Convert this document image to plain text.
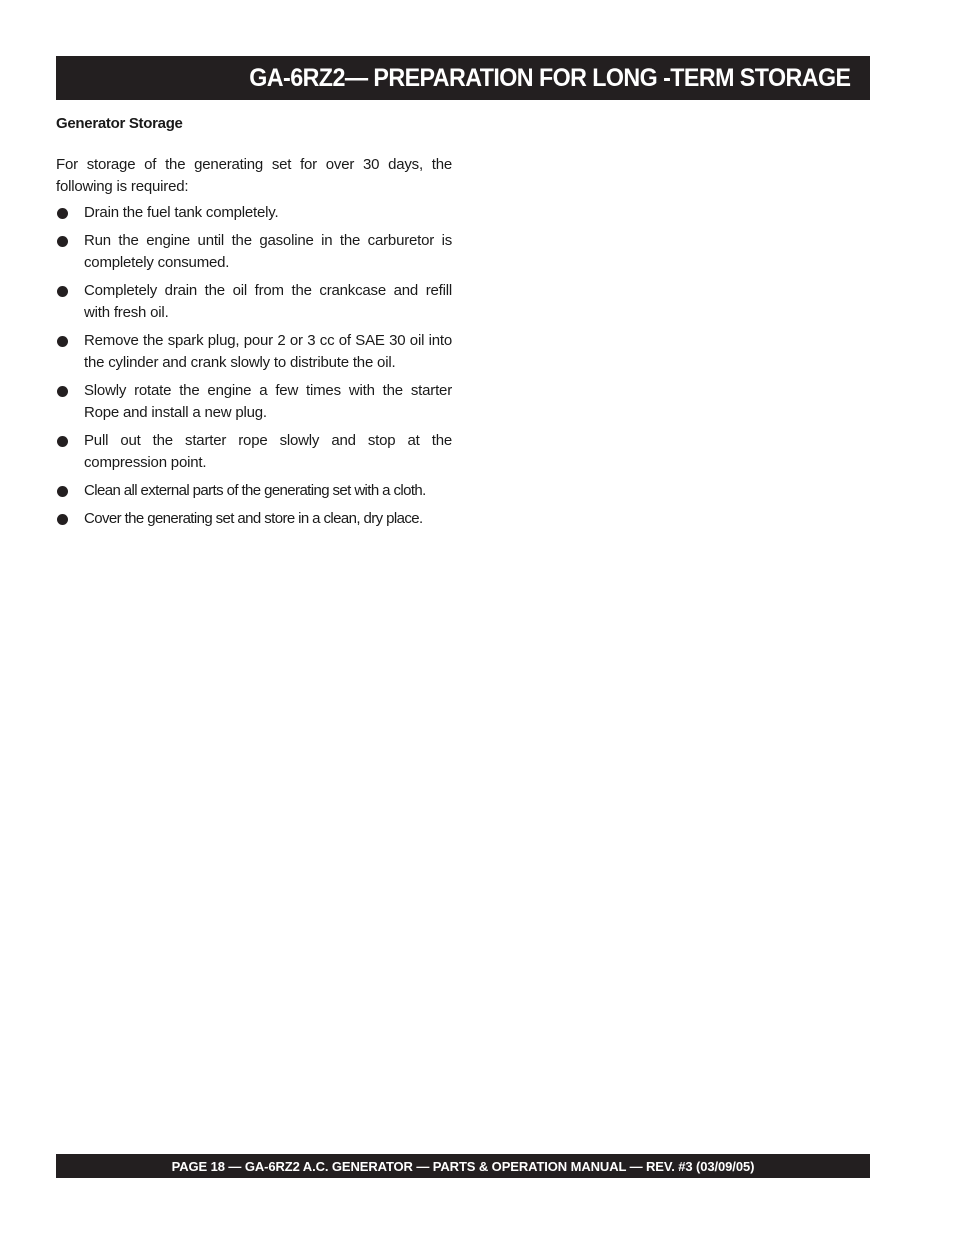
GA-6RZ2— PREPARATION FOR LONG -TERM STORAGE
Generator Storage

For storage of the generating set for over 30 days, the following is required:

Drain the fuel tank completely.
Run the engine until the gasoline in the carburetor is completely consumed.
Completely drain the oil from the crankcase and refill with fresh oil.
Remove the spark plug, pour 2 or 3 cc of SAE 30 oil into the cylinder and crank slowly to distribute the oil.
Slowly rotate the engine a few times with the starter Rope and install a new plug.
Pull out the starter rope slowly and stop at the compression point.
Clean all external parts of the generating set with a cloth.
Cover the generating set and store in a clean, dry place.
PAGE 18 — GA-6RZ2 A.C. GENERATOR — PARTS & OPERATION MANUAL — REV. #3 (03/09/05)
